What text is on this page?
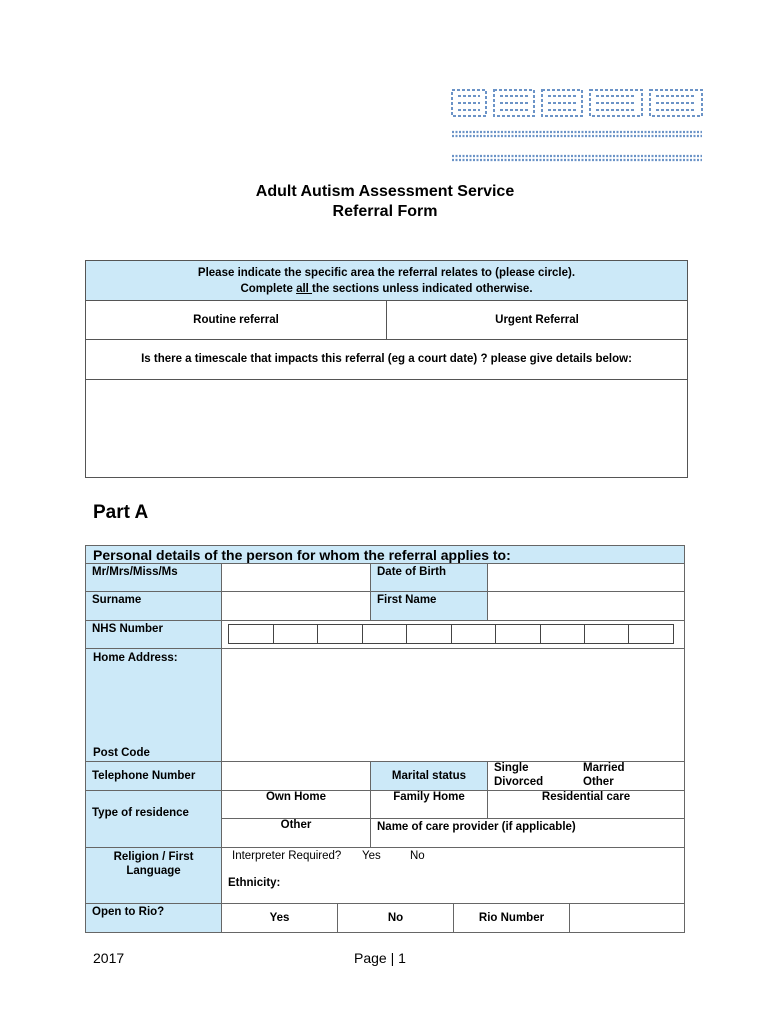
Adult Autism Assessment Service
Referral Form
Please indicate the specific area the referral relates to (please circle).
Complete all the sections unless indicated otherwise.
Routine referral	Urgent Referral
Is there a timescale that impacts this referral (eg a court date) ? please give details below:
Part A
Personal details of the person for whom the referral applies to:
Mr/Mrs/Miss/Ms	Date of Birth
Surname	First Name
NHS Number
Home Address:
Post Code
Telephone Number	Marital status
Single	Married
Divorced	Other
Type of residence
Own Home	Family Home	Residential care
Other	Name of care provider (if applicable)
Religion / First Language
Interpreter Required? Yes	No
Ethnicity:
Open to Rio?	Yes	No	Rio Number
2017	Page | 1
